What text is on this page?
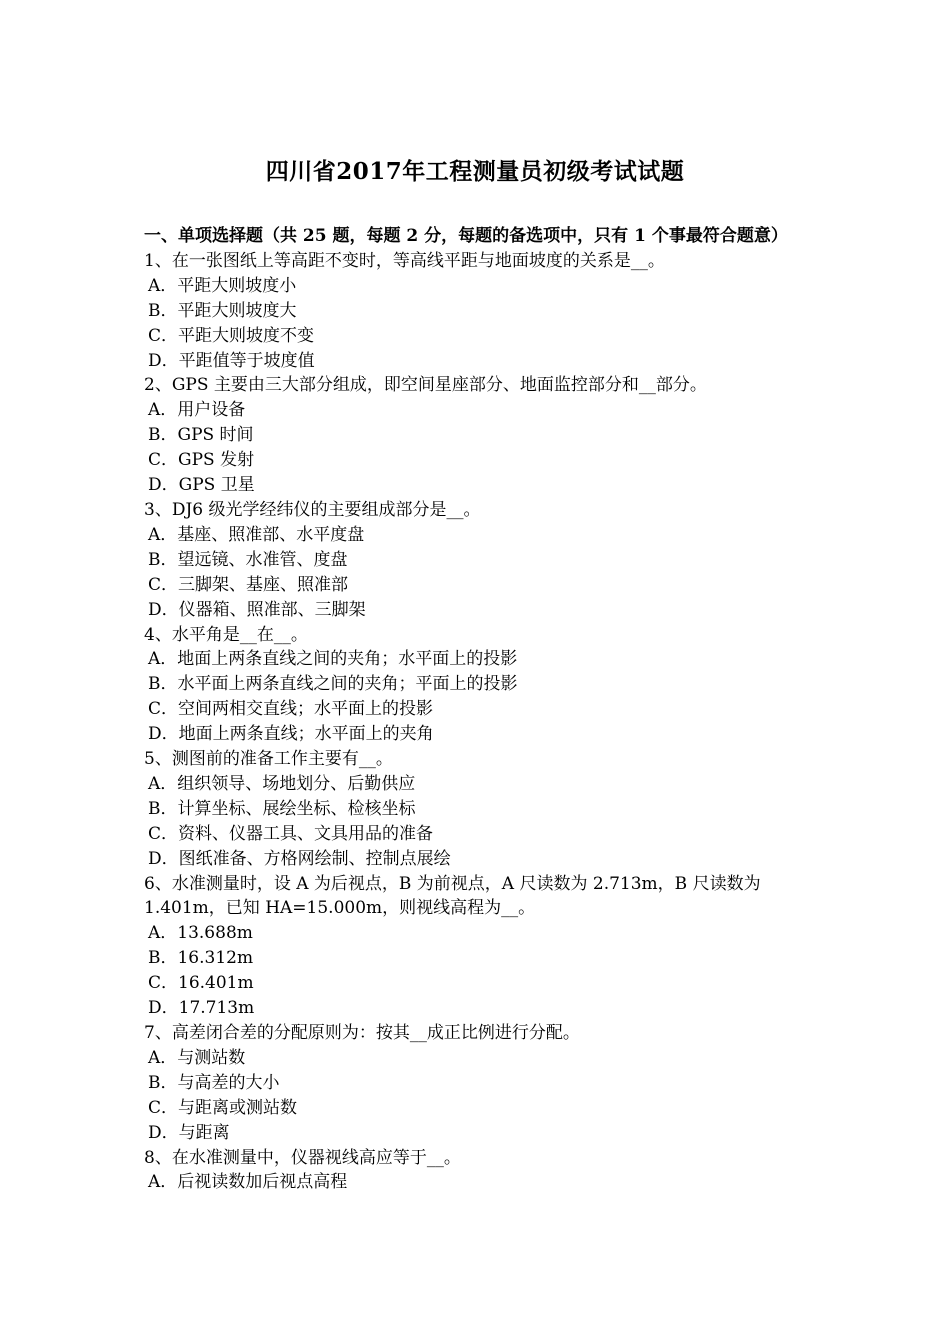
四川省2017年工程测量员初级考试试题

一、单项选择题（共 25 题，每题 2 分，每题的备选项中，只有 1 个事最符合题意）

1、在一张图纸上等高距不变时，等高线平距与地面坡度的关系是__。

A．平距大则坡度小

B．平距大则坡度大

C．平距大则坡度不变

D．平距值等于坡度值

2、GPS 主要由三大部分组成，即空间星座部分、地面监控部分和__部分。

A．用户设备

B．GPS 时间

C．GPS 发射

D．GPS 卫星

3、DJ6 级光学经纬仪的主要组成部分是__。

A．基座、照准部、水平度盘

B．望远镜、水准管、度盘

C．三脚架、基座、照准部

D．仪器箱、照准部、三脚架

4、水平角是__在__。

A．地面上两条直线之间的夹角；水平面上的投影

B．水平面上两条直线之间的夹角；平面上的投影

C．空间两相交直线；水平面上的投影

D．地面上两条直线；水平面上的夹角

5、测图前的准备工作主要有__。

A．组织领导、场地划分、后勤供应

B．计算坐标、展绘坐标、检核坐标

C．资料、仪器工具、文具用品的准备

D．图纸准备、方格网绘制、控制点展绘

6、水准测量时，设 A 为后视点，B 为前视点，A 尺读数为 2.713m，B 尺读数为 1.401m，已知 HA=15.000m，则视线高程为__。

A．13.688m

B．16.312m

C．16.401m

D．17.713m

7、高差闭合差的分配原则为：按其__成正比例进行分配。

A．与测站数

B．与高差的大小

C．与距离或测站数

D．与距离

8、在水准测量中，仪器视线高应等于__。

A．后视读数加后视点高程
